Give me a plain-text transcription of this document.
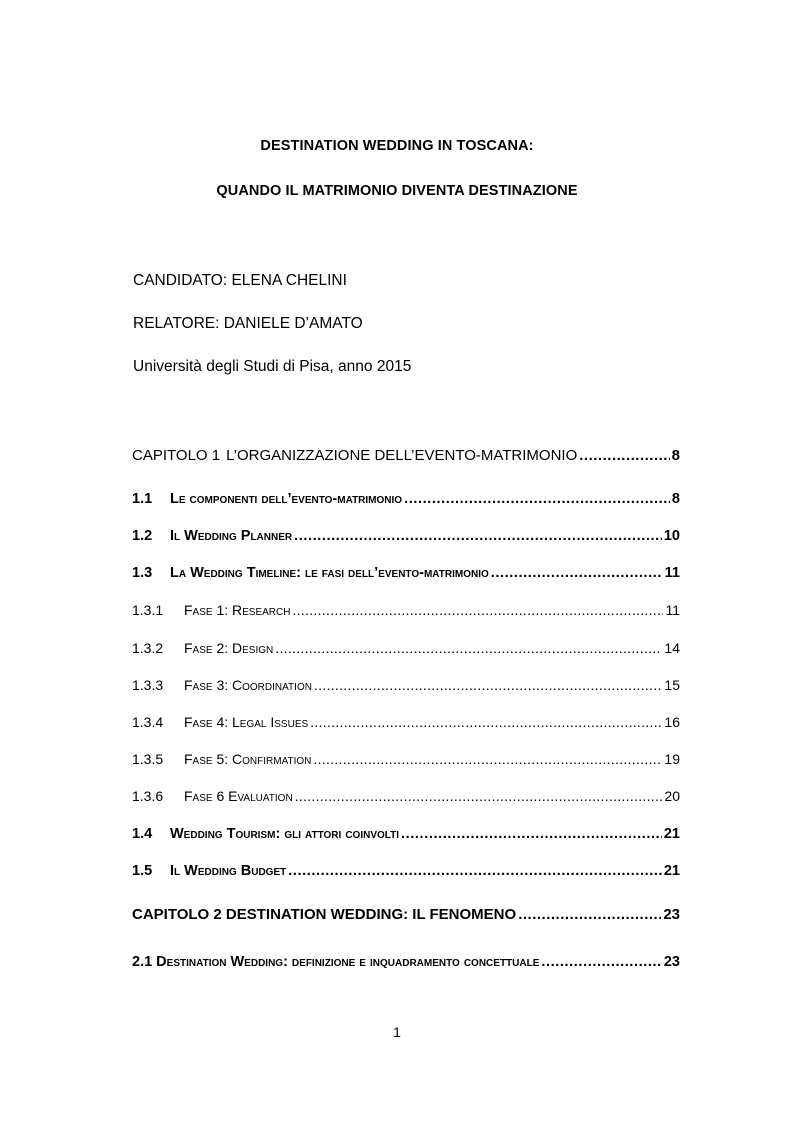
DESTINATION WEDDING IN TOSCANA:
QUANDO IL MATRIMONIO DIVENTA DESTINAZIONE
CANDIDATO: ELENA CHELINI
RELATORE: DANIELE D’AMATO
Università degli Studi di Pisa, anno 2015
CAPITOLO 1 L’ORGANIZZAZIONE DELL’EVENTO-MATRIMONIO .....	8
1.1	Le componenti dell’evento-matrimonio .....	8
1.2	Il Wedding Planner .....	10
1.3	La Wedding Timeline: le fasi dell’evento-matrimonio .....	11
1.3.1	Fase 1: Research .....	11
1.3.2	Fase 2: Design .....	14
1.3.3	Fase 3: Coordination .....	15
1.3.4	Fase 4: Legal Issues .....	16
1.3.5	Fase 5: Confirmation .....	19
1.3.6	Fase 6 Evaluation .....	20
1.4	Wedding Tourism: gli attori coinvolti .....	21
1.5	Il Wedding Budget .....	21
CAPITOLO 2 DESTINATION WEDDING: IL FENOMENO .....	23
2.1 Destination Wedding: definizione e inquadramento concettuale .....	23
1
